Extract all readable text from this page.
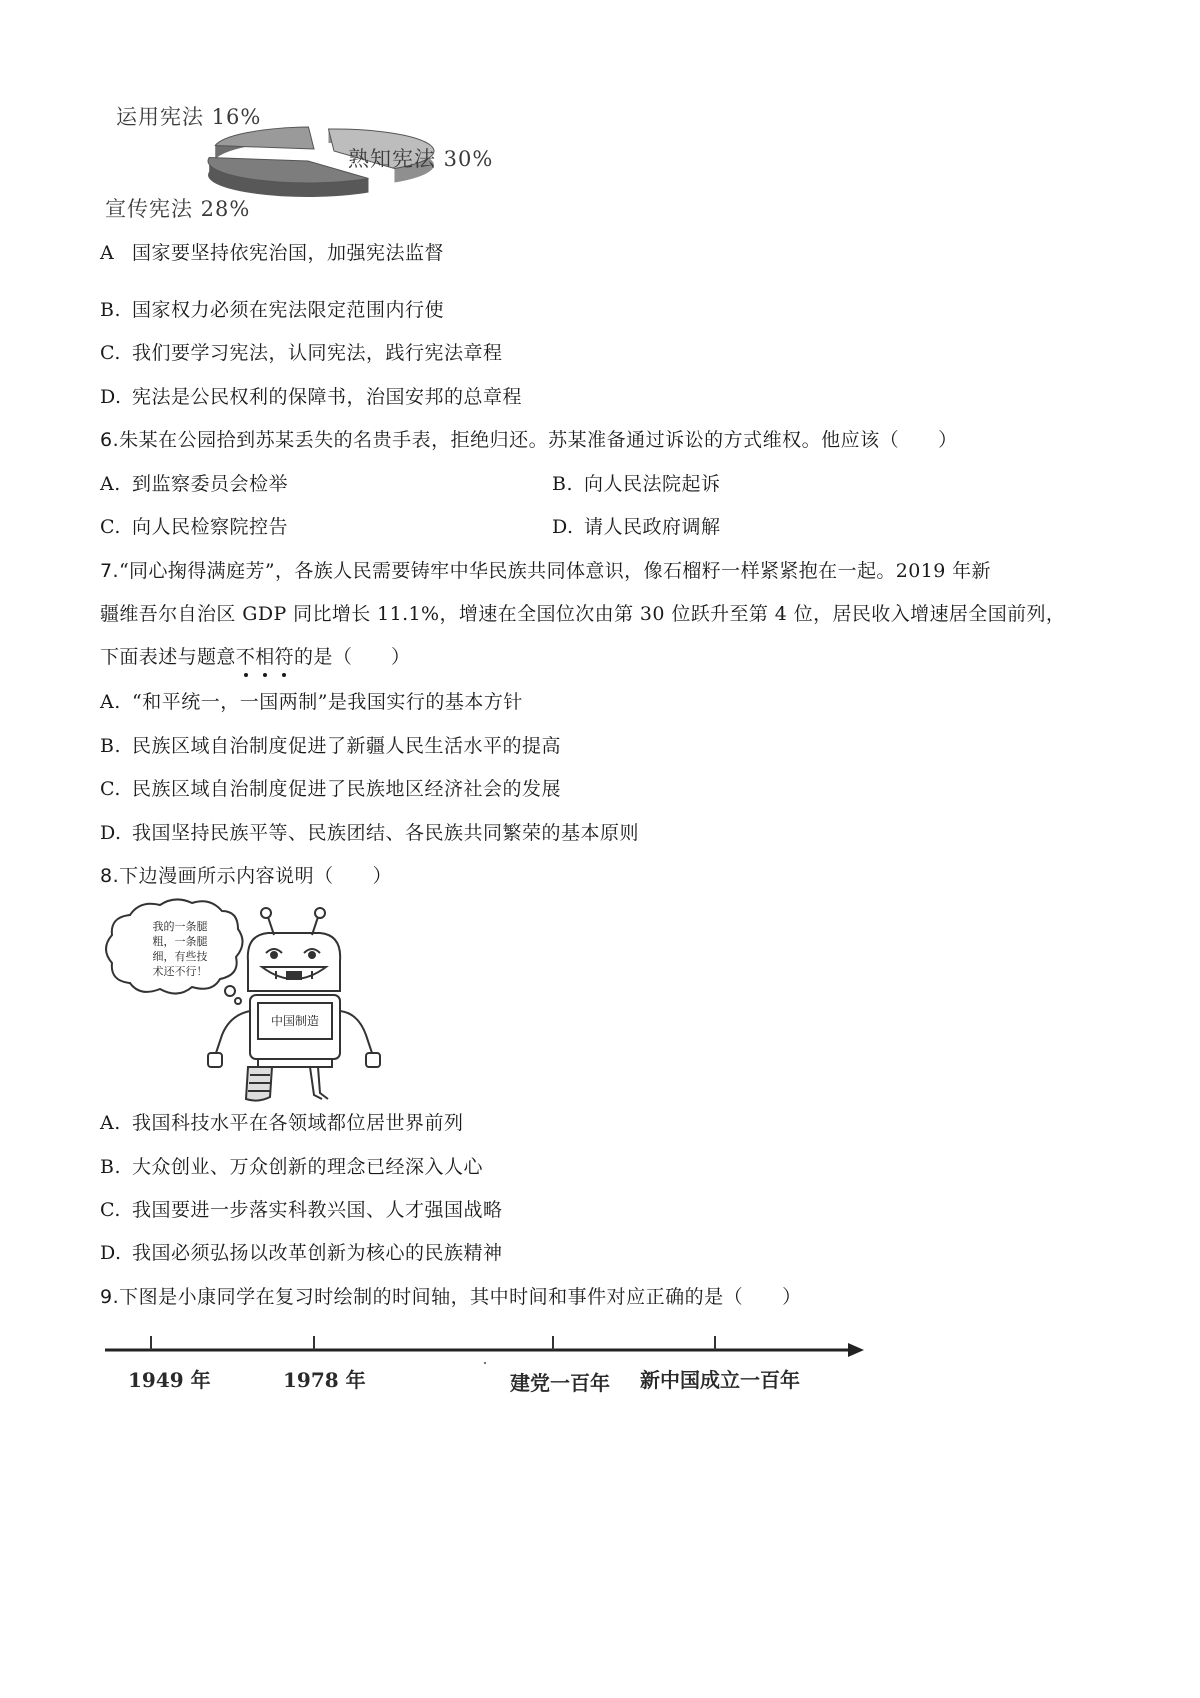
运用宪法 16%
熟知宪法 30%
宣传宪法 28%
A 国家要坚持依宪治国，加强宪法监督
B. 国家权力必须在宪法限定范围内行使
C. 我们要学习宪法，认同宪法，践行宪法章程
D. 宪法是公民权利的保障书，治国安邦的总章程
6.朱某在公园拾到苏某丢失的名贵手表，拒绝归还。苏某准备通过诉讼的方式维权。他应该（　　）
A. 到监察委员会检举	B. 向人民法院起诉
C. 向人民检察院控告	D. 请人民政府调解
7.“同心掬得满庭芳”，各族人民需要铸牢中华民族共同体意识，像石榴籽一样紧紧抱在一起。2019 年新
疆维吾尔自治区 GDP 同比增长 11.1%，增速在全国位次由第 30 位跃升至第 4 位，居民收入增速居全国前列，
下面表述与题意不相符的是（　　）
A. “和平统一，一国两制”是我国实行的基本方针
B. 民族区域自治制度促进了新疆人民生活水平的提高
C. 民族区域自治制度促进了民族地区经济社会的发展
D. 我国坚持民族平等、民族团结、各民族共同繁荣的基本原则
8.下边漫画所示内容说明（　　）
我的一条腿
粗，一条腿
细，有些技
术还不行！
中国制造
A. 我国科技水平在各领域都位居世界前列
B. 大众创业、万众创新的理念已经深入人心
C. 我国要进一步落实科教兴国、人才强国战略
D. 我国必须弘扬以改革创新为核心的民族精神
9.下图是小康同学在复习时绘制的时间轴，其中时间和事件对应正确的是（　　）
1949 年	1978 年	建党一百年 新中国成立一百年
